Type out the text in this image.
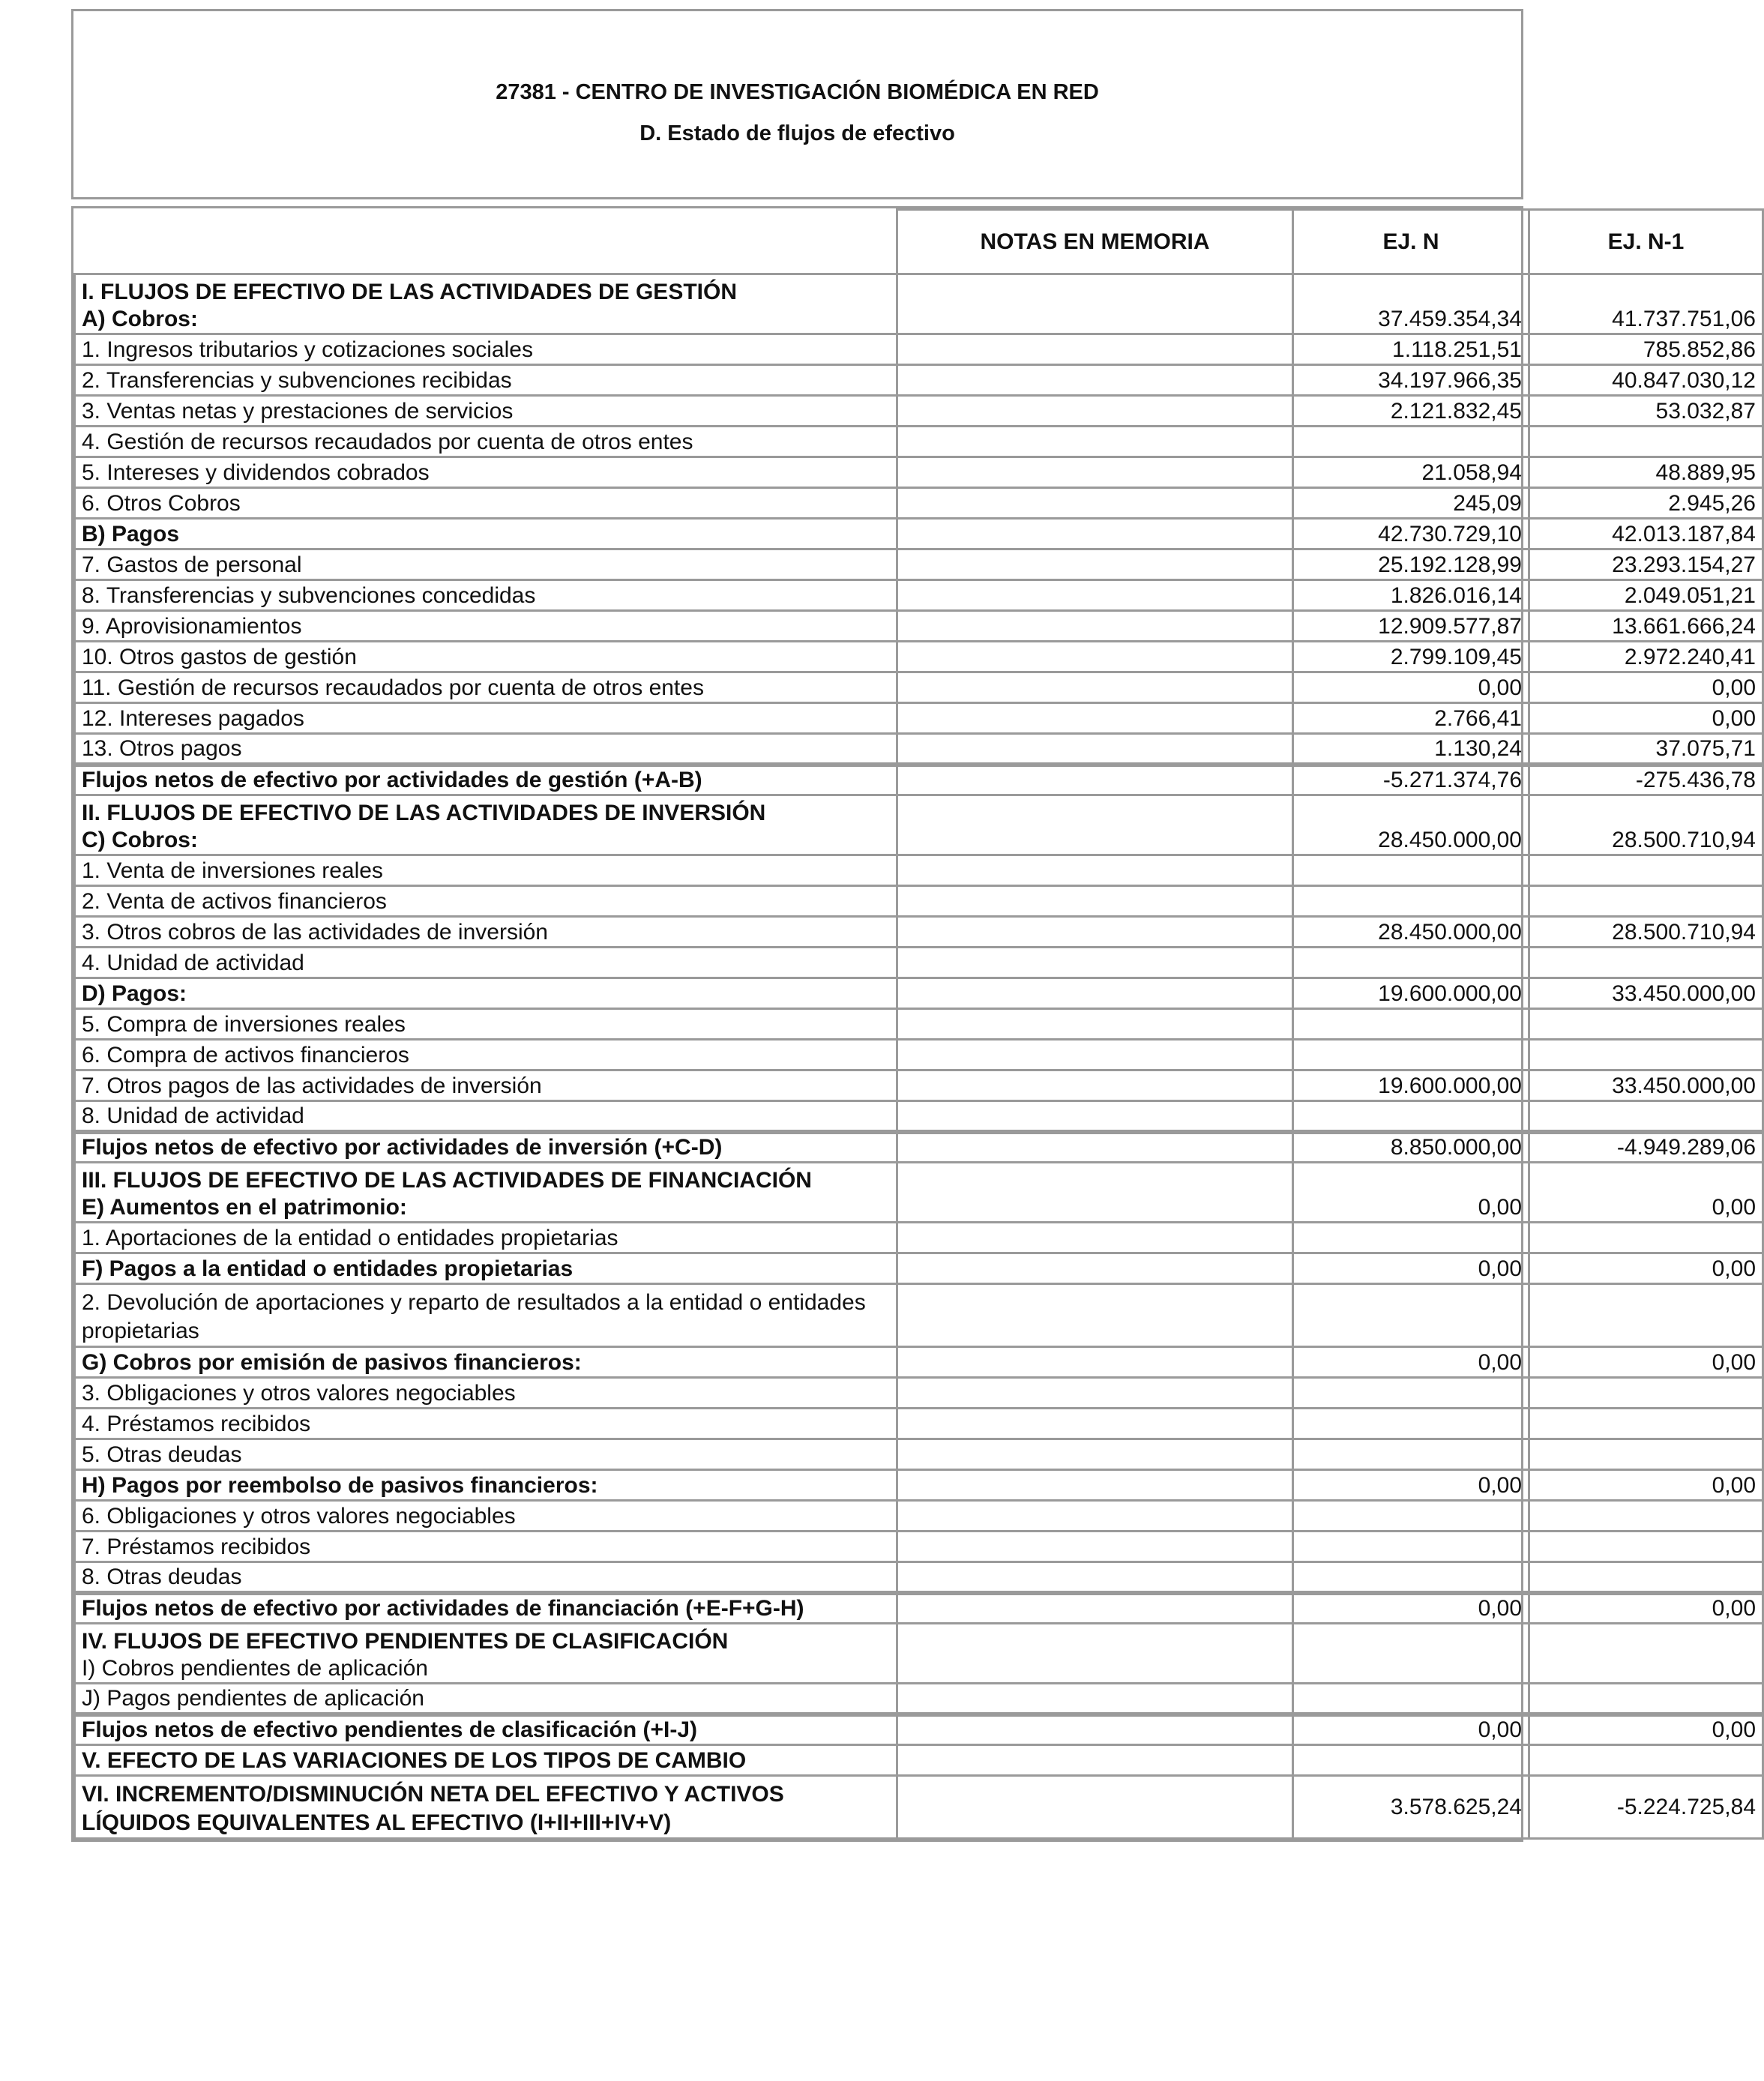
27381 - CENTRO DE INVESTIGACIÓN BIOMÉDICA EN RED
D. Estado de flujos de efectivo
	NOTAS EN MEMORIA	EJ. N	EJ. N-1

I. FLUJOS DE EFECTIVO DE LAS ACTIVIDADES DE GESTIÓN
A) Cobros:		37.459.354,34	41.737.751,06
1. Ingresos tributarios y cotizaciones sociales		1.118.251,51	785.852,86
2. Transferencias y subvenciones recibidas		34.197.966,35	40.847.030,12
3. Ventas netas y prestaciones de servicios		2.121.832,45	53.032,87
4. Gestión de recursos recaudados por cuenta de otros entes			
5. Intereses y dividendos cobrados		21.058,94	48.889,95
6. Otros Cobros		245,09	2.945,26
B) Pagos		42.730.729,10	42.013.187,84
7. Gastos de personal		25.192.128,99	23.293.154,27
8. Transferencias y subvenciones concedidas		1.826.016,14	2.049.051,21
9. Aprovisionamientos		12.909.577,87	13.661.666,24
10. Otros gastos de gestión		2.799.109,45	2.972.240,41
11. Gestión de recursos recaudados por cuenta de otros entes		0,00	0,00
12. Intereses pagados		2.766,41	0,00
13. Otros pagos		1.130,24	37.075,71
Flujos netos de efectivo por actividades de gestión (+A-B)		-5.271.374,76	-275.436,78

II. FLUJOS DE EFECTIVO DE LAS ACTIVIDADES DE INVERSIÓN
C) Cobros:		28.450.000,00	28.500.710,94
1. Venta de inversiones reales			
2. Venta de activos financieros			
3. Otros cobros de las actividades de inversión		28.450.000,00	28.500.710,94
4. Unidad de actividad			
D) Pagos:		19.600.000,00	33.450.000,00
5. Compra de inversiones reales			
6. Compra de activos financieros			
7. Otros pagos de las actividades de inversión		19.600.000,00	33.450.000,00
8. Unidad de actividad			
Flujos netos de efectivo por actividades de inversión (+C-D)		8.850.000,00	-4.949.289,06

III. FLUJOS DE EFECTIVO DE LAS ACTIVIDADES DE FINANCIACIÓN
E) Aumentos en el patrimonio:		0,00	0,00
1. Aportaciones de la entidad o entidades propietarias			
F) Pagos a la entidad o entidades propietarias		0,00	0,00
2. Devolución de aportaciones y reparto de resultados a la entidad o entidades propietarias			
G) Cobros por emisión de pasivos financieros:		0,00	0,00
3. Obligaciones y otros valores negociables			
4. Préstamos recibidos			
5. Otras deudas			
H) Pagos por reembolso de pasivos financieros:		0,00	0,00
6. Obligaciones y otros valores negociables			
7. Préstamos recibidos			
8. Otras deudas			
Flujos netos de efectivo por actividades de financiación (+E-F+G-H)		0,00	0,00

IV. FLUJOS DE EFECTIVO PENDIENTES DE CLASIFICACIÓN
I) Cobros pendientes de aplicación			

J) Pagos pendientes de aplicación			
Flujos netos de efectivo pendientes de clasificación (+I-J)		0,00	0,00
V. EFECTO DE LAS VARIACIONES DE LOS TIPOS DE CAMBIO			
VI. INCREMENTO/DISMINUCIÓN NETA DEL EFECTIVO Y ACTIVOS LÍQUIDOS EQUIVALENTES AL EFECTIVO (I+II+III+IV+V)		3.578.625,24	-5.224.725,84
